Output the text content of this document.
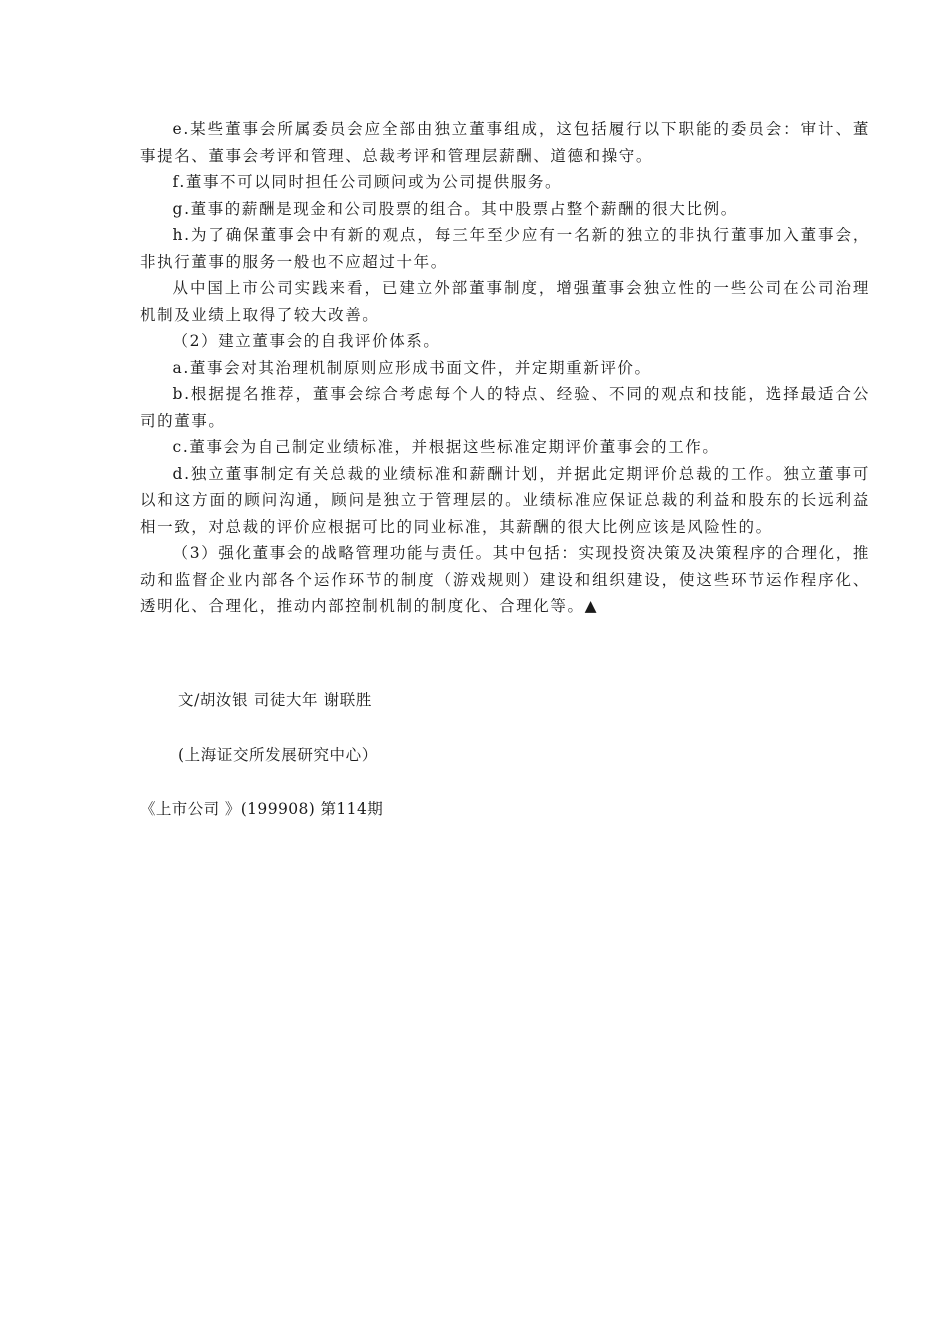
e.某些董事会所属委员会应全部由独立董事组成，这包括履行以下职能的委员会：审计、董事提名、董事会考评和管理、总裁考评和管理层薪酬、道德和操守。

f.董事不可以同时担任公司顾问或为公司提供服务。

g.董事的薪酬是现金和公司股票的组合。其中股票占整个薪酬的很大比例。

h.为了确保董事会中有新的观点，每三年至少应有一名新的独立的非执行董事加入董事会，非执行董事的服务一般也不应超过十年。

从中国上市公司实践来看，已建立外部董事制度，增强董事会独立性的一些公司在公司治理机制及业绩上取得了较大改善。

（2）建立董事会的自我评价体系。

a.董事会对其治理机制原则应形成书面文件，并定期重新评价。

b.根据提名推荐，董事会综合考虑每个人的特点、经验、不同的观点和技能，选择最适合公司的董事。

c.董事会为自己制定业绩标准，并根据这些标准定期评价董事会的工作。

d.独立董事制定有关总裁的业绩标准和薪酬计划，并据此定期评价总裁的工作。独立董事可以和这方面的顾问沟通，顾问是独立于管理层的。业绩标准应保证总裁的利益和股东的长远利益相一致，对总裁的评价应根据可比的同业标准，其薪酬的很大比例应该是风险性的。

（3）强化董事会的战略管理功能与责任。其中包括：实现投资决策及决策程序的合理化，推动和监督企业内部各个运作环节的制度（游戏规则）建设和组织建设，使这些环节运作程序化、透明化、合理化，推动内部控制机制的制度化、合理化等。▲

文/胡汝银 司徒大年 谢联胜

(上海证交所发展研究中心）

《上市公司 》(199908) 第114期
